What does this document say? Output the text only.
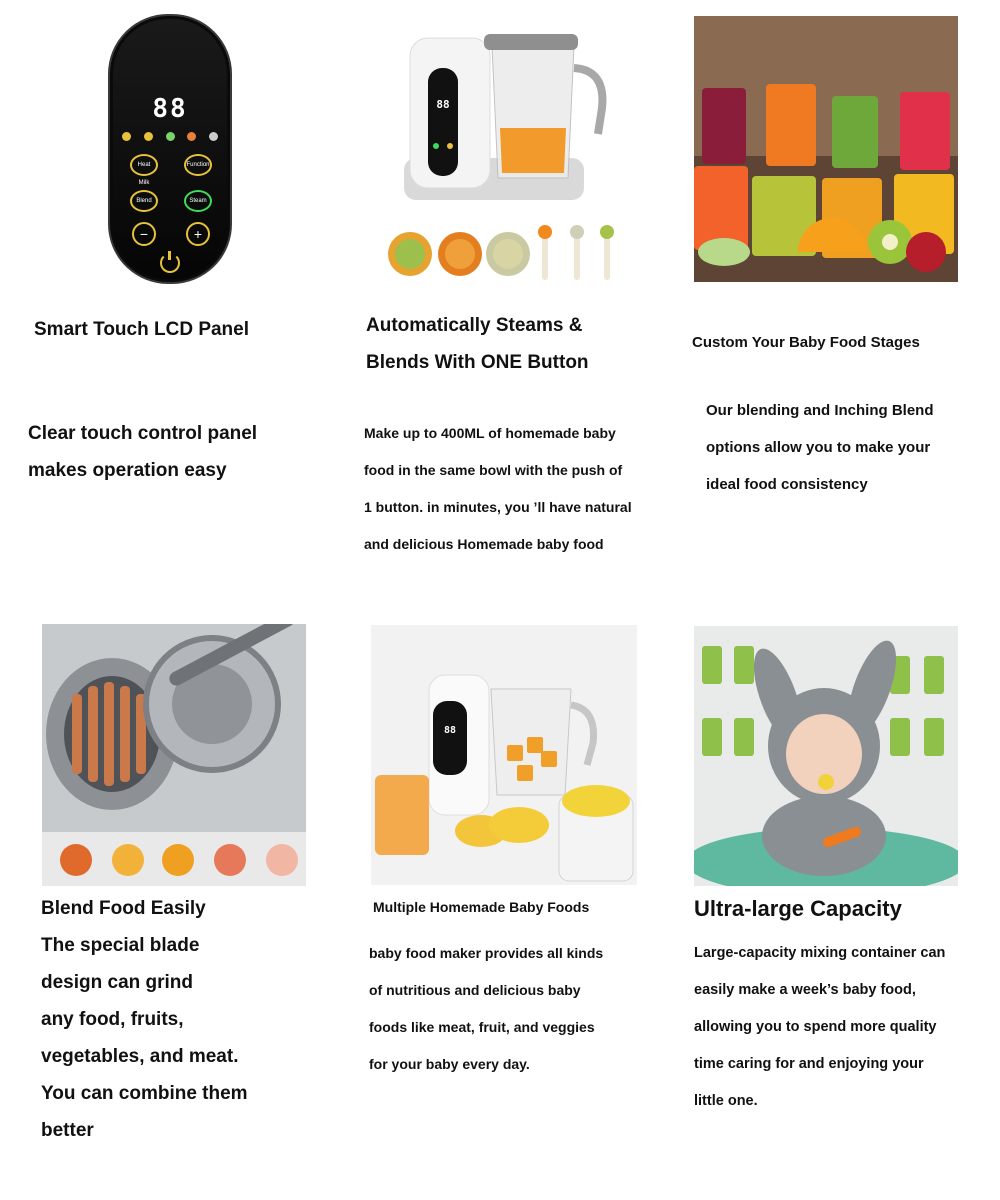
88
Heat Milk
Function
Blend	Steam
−	+
88
Smart Touch LCD Panel
Clear touch control panel
makes operation easy
Automatically Steams &
Blends With ONE Button
Make up to 400ML of homemade baby
food in the same bowl with the push of
1 button. in minutes, you ’ll have natural
and delicious Homemade baby food
Custom Your Baby Food Stages
Our blending and Inching Blend
options allow you to make your
ideal food consistency
88
Blend Food Easily
The special blade
design can grind
any food, fruits,
vegetables, and meat.
You can combine them
better
Multiple Homemade Baby Foods
baby food maker provides all kinds
of nutritious and delicious baby
foods like meat, fruit, and veggies
for your baby every day.
Ultra-large Capacity
Large-capacity mixing container can
easily make a week’s baby food,
allowing you to spend more quality
time caring for and enjoying your
little one.
